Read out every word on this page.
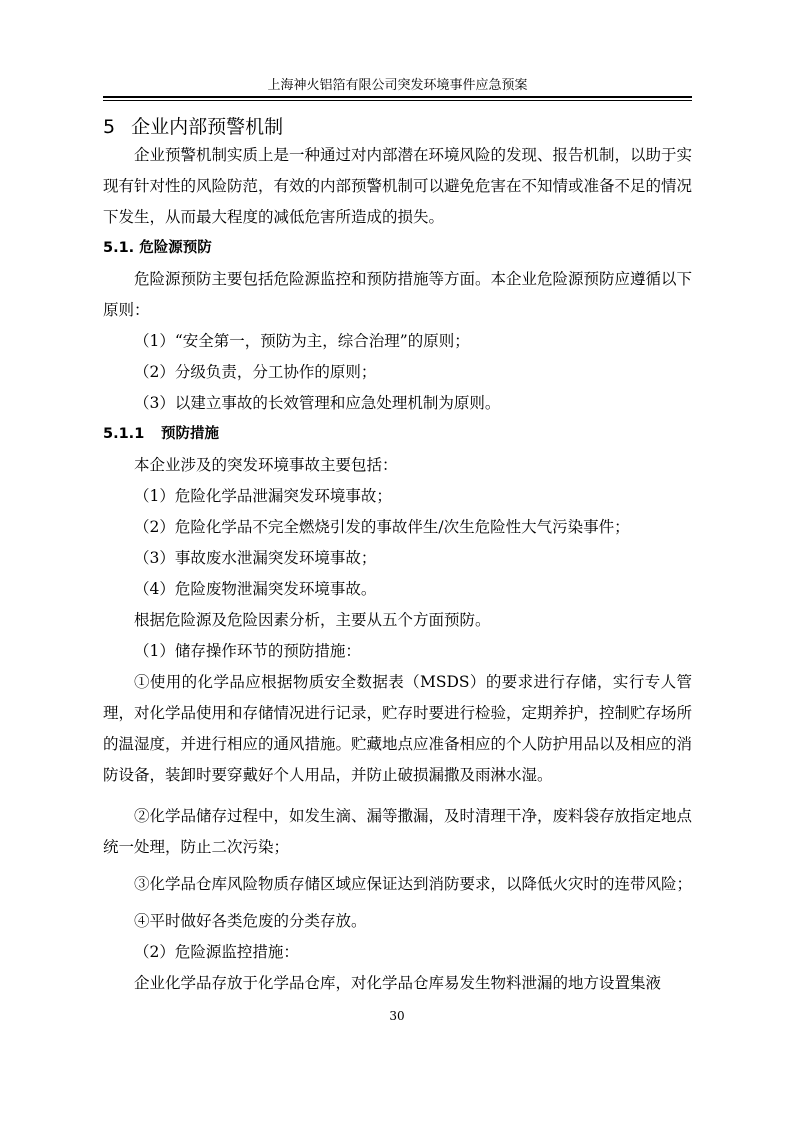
上海神火铝箔有限公司突发环境事件应急预案
5 企业内部预警机制

企业预警机制实质上是一种通过对内部潜在环境风险的发现、报告机制，以助于实现有针对性的风险防范，有效的内部预警机制可以避免危害在不知情或准备不足的情况下发生，从而最大程度的减低危害所造成的损失。

5.1. 危险源预防

危险源预防主要包括危险源监控和预防措施等方面。本企业危险源预防应遵循以下原则：

（1）“安全第一，预防为主，综合治理”的原则；

（2）分级负责，分工协作的原则；

（3）以建立事故的长效管理和应急处理机制为原则。

5.1.1 预防措施

本企业涉及的突发环境事故主要包括：

（1）危险化学品泄漏突发环境事故；

（2）危险化学品不完全燃烧引发的事故伴生/次生危险性大气污染事件；

（3）事故废水泄漏突发环境事故；

（4）危险废物泄漏突发环境事故。

根据危险源及危险因素分析，主要从五个方面预防。

（1）储存操作环节的预防措施：

①使用的化学品应根据物质安全数据表（MSDS）的要求进行存储，实行专人管理，对化学品使用和存储情况进行记录，贮存时要进行检验，定期养护，控制贮存场所的温湿度，并进行相应的通风措施。贮藏地点应准备相应的个人防护用品以及相应的消防设备，装卸时要穿戴好个人用品，并防止破损漏撒及雨淋水湿。

②化学品储存过程中，如发生滴、漏等撒漏，及时清理干净，废料袋存放指定地点统一处理，防止二次污染；

③化学品仓库风险物质存储区域应保证达到消防要求，以降低火灾时的连带风险；

④平时做好各类危废的分类存放。

（2）危险源监控措施：

企业化学品存放于化学品仓库，对化学品仓库易发生物料泄漏的地方设置集液

30
